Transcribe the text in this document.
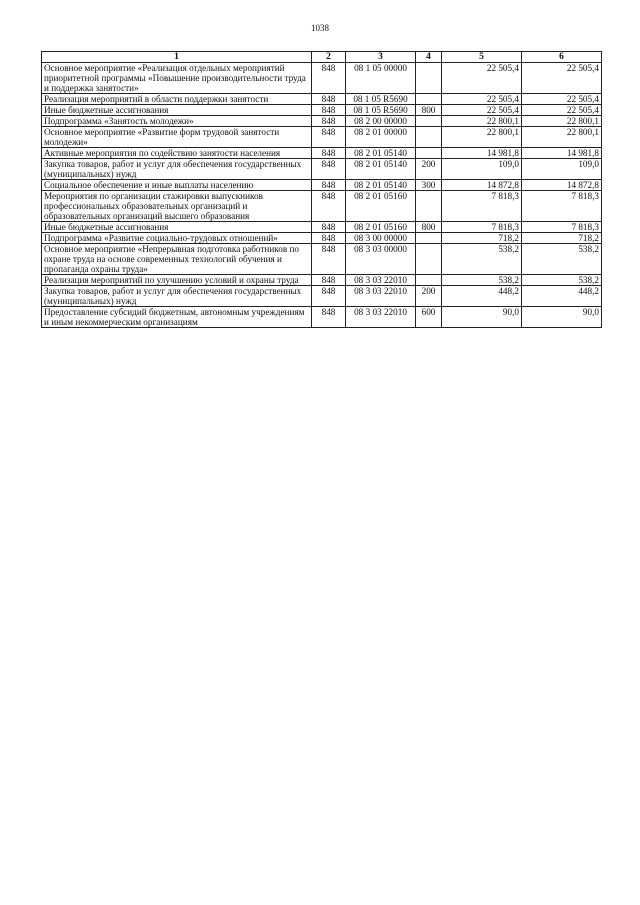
1038
1	2	3	4	5	6
Основное мероприятие «Реализация отдельных мероприятий приоритетной программы «Повышение производительности труда и поддержка занятости»	848	08 1 05 00000		22 505,4	22 505,4
Реализация мероприятий в области поддержки занятости	848	08 1 05 R5690		22 505,4	22 505,4
Иные бюджетные ассигнования	848	08 1 05 R5690	800	22 505,4	22 505,4
Подпрограмма «Занятость молодежи»	848	08 2 00 00000		22 800,1	22 800,1
Основное мероприятие «Развитие форм трудовой занятости молодежи»	848	08 2 01 00000		22 800,1	22 800,1
Активные мероприятия по содействию занятости населения	848	08 2 01 05140		14 981,8	14 981,8
Закупка товаров, работ и услуг для обеспечения государственных (муниципальных) нужд	848	08 2 01 05140	200	109,0	109,0
Социальное обеспечение и иные выплаты населению	848	08 2 01 05140	300	14 872,8	14 872,8
Мероприятия по организации стажировки выпускников профессиональных образовательных организаций и образовательных организаций высшего образования	848	08 2 01 05160		7 818,3	7 818,3
Иные бюджетные ассигнования	848	08 2 01 05160	800	7 818,3	7 818,3
Подпрограмма «Развитие социально-трудовых отношений»	848	08 3 00 00000		718,2	718,2
Основное мероприятие «Непрерывная подготовка работников по охране труда на основе современных технологий обучения и пропаганда охраны труда»	848	08 3 03 00000		538,2	538,2
Реализация мероприятий по улучшению условий и охраны труда	848	08 3 03 22010		538,2	538,2
Закупка товаров, работ и услуг для обеспечения государственных (муниципальных) нужд	848	08 3 03 22010	200	448,2	448,2
Предоставление субсидий бюджетным, автономным учреждениям и иным некоммерческим организациям	848	08 3 03 22010	600	90,0	90,0
